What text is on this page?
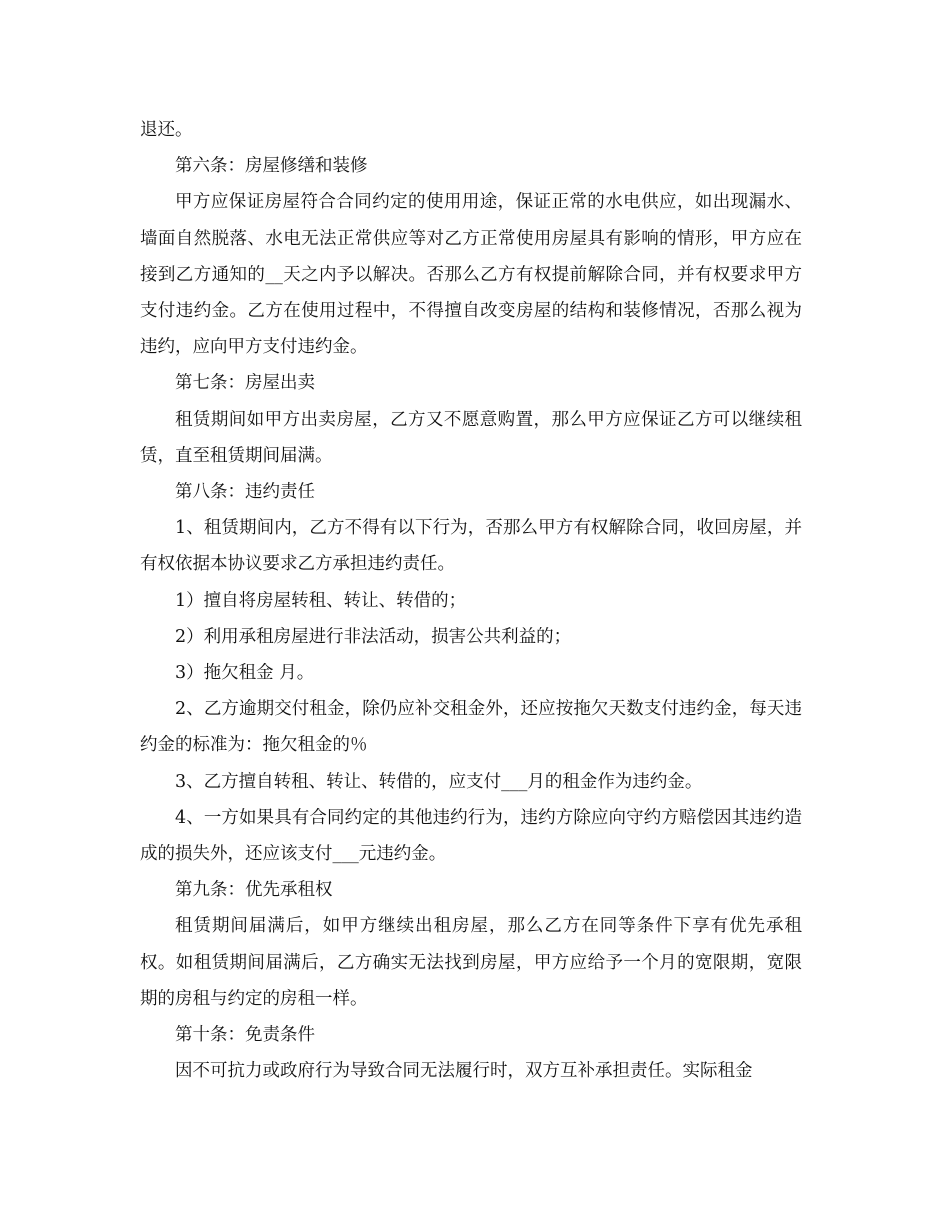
退还。

第六条：房屋修缮和装修

甲方应保证房屋符合合同约定的使用用途，保证正常的水电供应，如出现漏水、墙面自然脱落、水电无法正常供应等对乙方正常使用房屋具有影响的情形，甲方应在接到乙方通知的__天之内予以解决。否那么乙方有权提前解除合同，并有权要求甲方支付违约金。乙方在使用过程中，不得擅自改变房屋的结构和装修情况，否那么视为违约，应向甲方支付违约金。

第七条：房屋出卖

租赁期间如甲方出卖房屋，乙方又不愿意购置，那么甲方应保证乙方可以继续租赁，直至租赁期间届满。

第八条：违约责任

1、租赁期间内，乙方不得有以下行为，否那么甲方有权解除合同，收回房屋，并有权依据本协议要求乙方承担违约责任。

1）擅自将房屋转租、转让、转借的；

2）利用承租房屋进行非法活动，损害公共利益的；

3）拖欠租金 月。

2、乙方逾期交付租金，除仍应补交租金外，还应按拖欠天数支付违约金，每天违约金的标准为：拖欠租金的％

3、乙方擅自转租、转让、转借的，应支付___月的租金作为违约金。

4、一方如果具有合同约定的其他违约行为，违约方除应向守约方赔偿因其违约造成的损失外，还应该支付___元违约金。

第九条：优先承租权

租赁期间届满后，如甲方继续出租房屋，那么乙方在同等条件下享有优先承租权。如租赁期间届满后，乙方确实无法找到房屋，甲方应给予一个月的宽限期，宽限期的房租与约定的房租一样。

第十条：免责条件

因不可抗力或政府行为导致合同无法履行时，双方互补承担责任。实际租金
